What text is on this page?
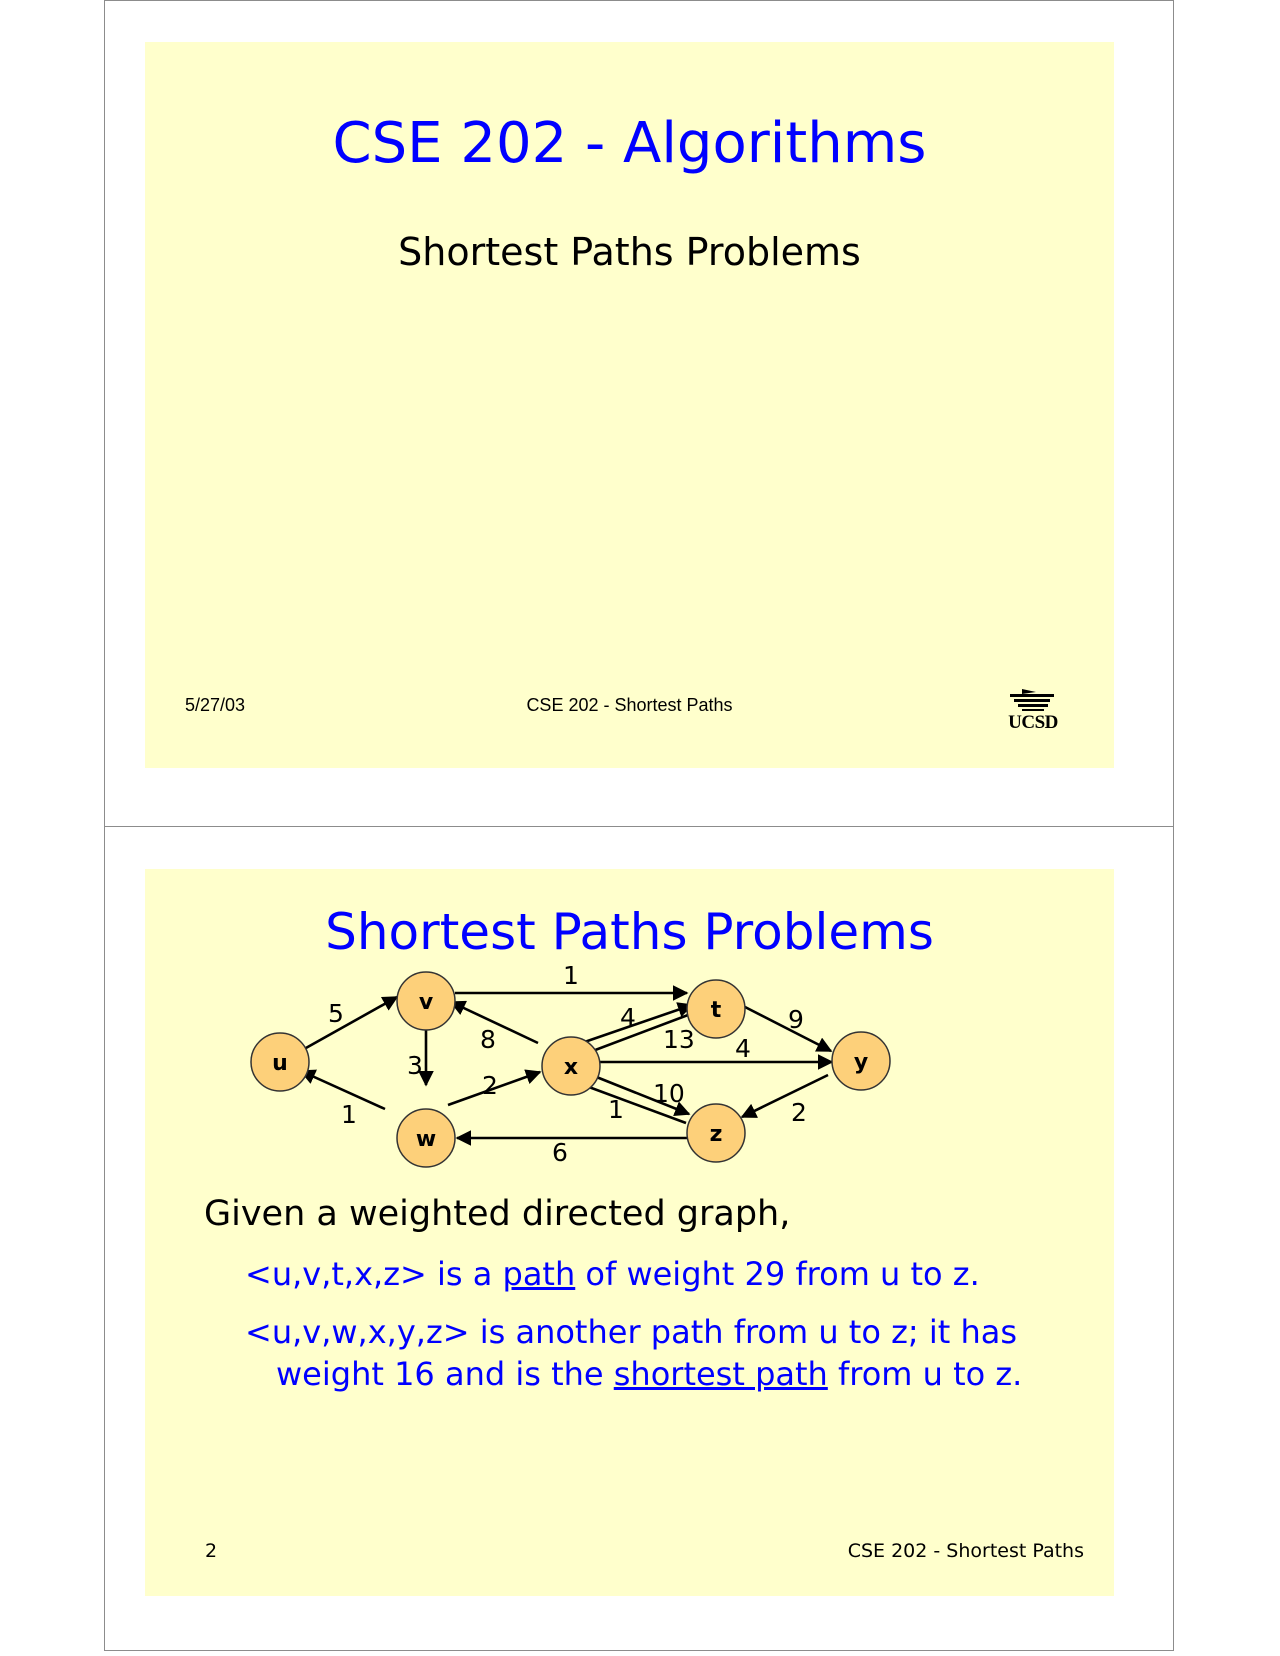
CSE 202 - Algorithms
Shortest Paths Problems
5/27/03	CSE 202 - Shortest Paths
UCSD
Shortest Paths Problems
5
1
3
1
8
2
4
13 4
10
1
9
2
6
u
v
w
x
t
z
y
Given a weighted directed graph,
<u,v,t,x,z> is a path of weight 29 from u to z.
<u,v,w,x,y,z> is another path from u to z; it has
weight 16 and is the shortest path from u to z.
2	CSE 202 - Shortest Paths
